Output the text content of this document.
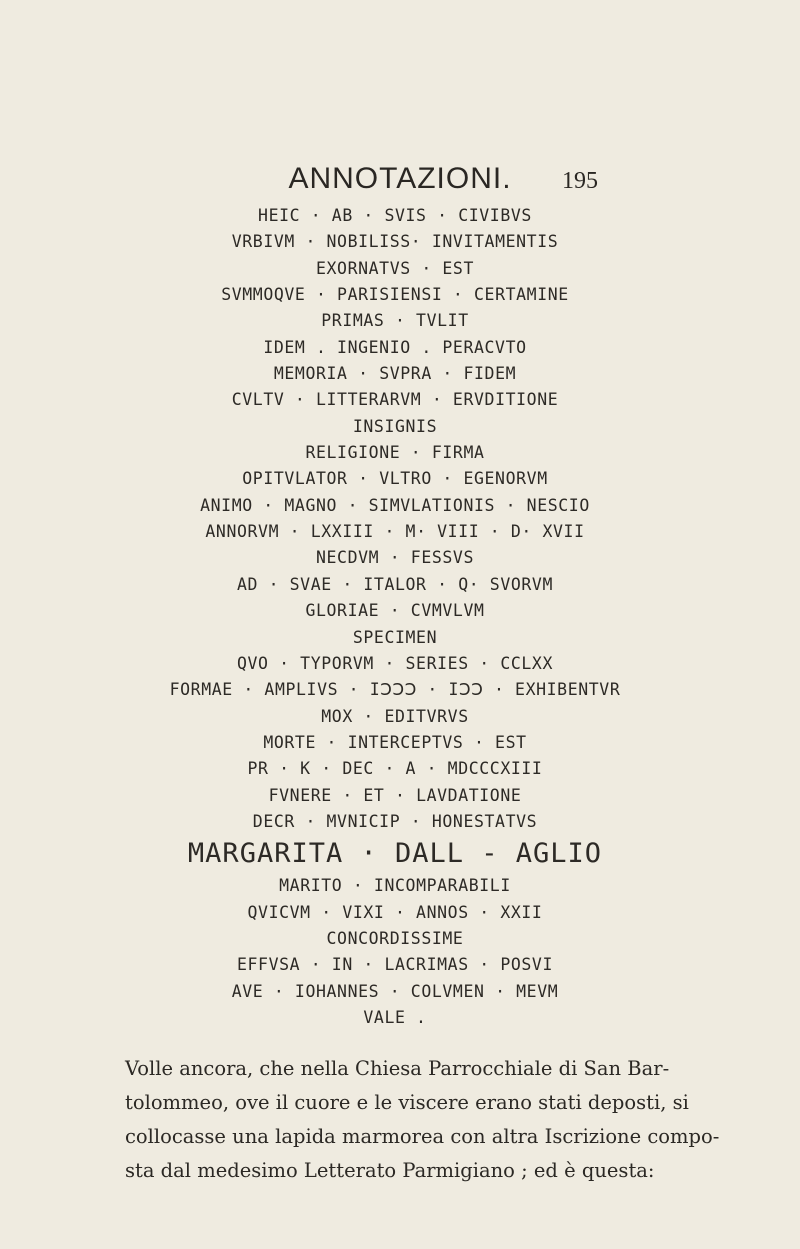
ANNOTAZIONI.	195
HEIC · AB · SVIS · CIVIBVS
VRBIVM · NOBILISS· INVITAMENTIS
EXORNATVS · EST
SVMMOQVE · PARISIENSI · CERTAMINE
PRIMAS · TVLIT
IDEM . INGENIO . PERACVTO
MEMORIA · SVPRA · FIDEM
CVLTV · LITTERARVM · ERVDITIONE
INSIGNIS
RELIGIONE · FIRMA
OPITVLATOR · VLTRO · EGENORVM
ANIMO · MAGNO · SIMVLATIONIS · NESCIO
ANNORVM · LXXIII · M· VIII · D· XVII
NECDVM · FESSVS
AD · SVAE · ITALOR · Q· SVORVM
GLORIAE · CVMVLVM
SPECIMEN
QVO · TYPORVM · SERIES · CCLXX
FORMAE · AMPLIVS · IↃↃↃ · IↃↃ · EXHIBENTVR
MOX · EDITVRVS
MORTE · INTERCEPTVS · EST
PR · K · DEC · A · MDCCCXIII
FVNERE · ET · LAVDATIONE
DECR · MVNICIP · HONESTATVS
MARGARITA · DALL - AGLIO
MARITO · INCOMPARABILI
QVICVM · VIXI · ANNOS · XXII
CONCORDISSIME
EFFVSA · IN · LACRIMAS · POSVI
AVE · IOHANNES · COLVMEN · MEVM
VALE .
Volle ancora, che nella Chiesa Parrocchiale di San Bar-
tolommeo, ove il cuore e le viscere erano stati deposti, si
collocasse una lapida marmorea con altra Iscrizione compo-
sta dal medesimo Letterato Parmigiano ; ed è questa:
